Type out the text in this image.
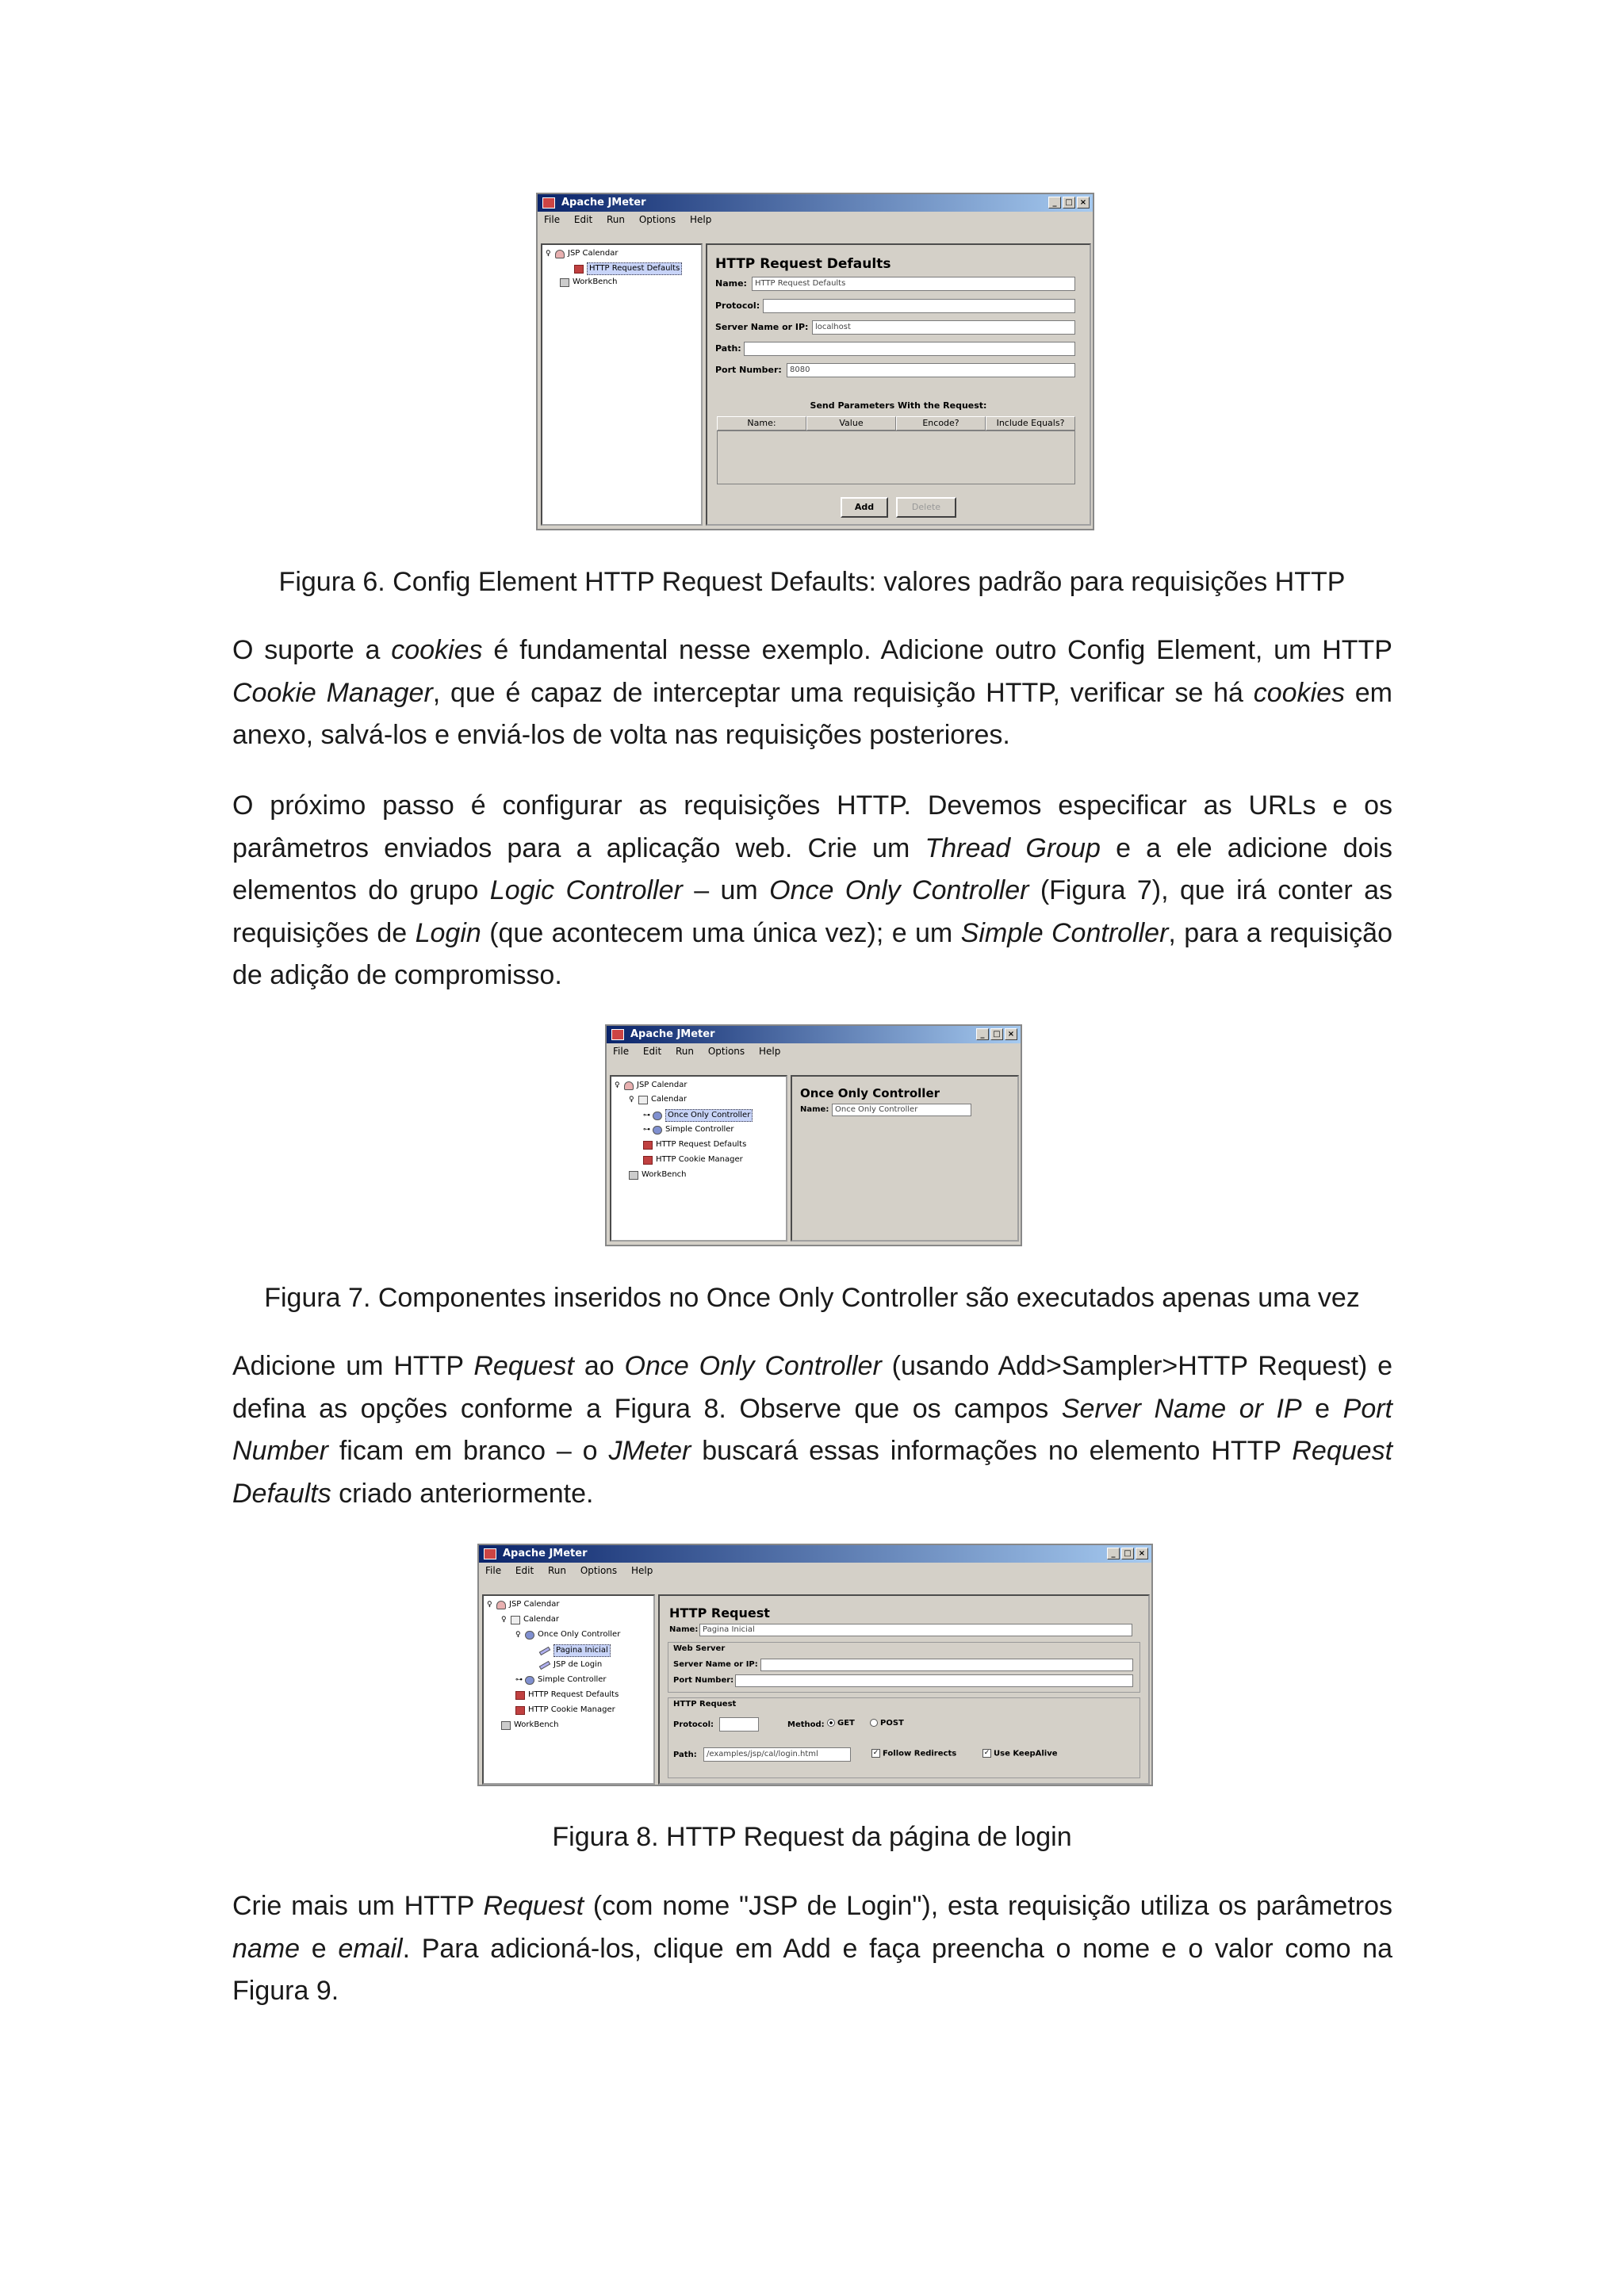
Apache JMeter	_	□ ×
File Edit Run Options Help
♀	JSP Calendar
HTTP Request Defaults
WorkBench
HTTP Request Defaults
Name:	HTTP Request Defaults
Protocol:
Server Name or IP: localhost
Path:
Port Number:	8080
Send Parameters With the Request:
Name:	Value	Encode?	Include Equals?
Add	Delete

Figura 6. Config Element HTTP Request Defaults: valores padrão para requisições HTTP

O suporte a cookies é fundamental nesse exemplo. Adicione outro Config Element, um HTTP Cookie Manager, que é capaz de interceptar uma requisição HTTP, verificar se há cookies em anexo, salvá-los e enviá-los de volta nas requisições posteriores.

O próximo passo é configurar as requisições HTTP. Devemos especificar as URLs e os parâmetros enviados para a aplicação web. Crie um Thread Group e a ele adicione dois elementos do grupo Logic Controller – um Once Only Controller (Figura 7), que irá conter as requisições de Login (que acontecem uma única vez); e um Simple Controller, para a requisição de adição de compromisso.

Apache JMeter	_	□ ×
File Edit Run Options Help
♀	JSP Calendar
♀	Calendar
⊶	Once Only Controller
⊶ Simple Controller
HTTP Request Defaults
HTTP Cookie Manager
WorkBench
Once Only Controller
Name: Once Only Controller

Figura 7. Componentes inseridos no Once Only Controller são executados apenas uma vez

Adicione um HTTP Request ao Once Only Controller (usando Add>Sampler>HTTP Request) e defina as opções conforme a Figura 8. Observe que os campos Server Name or IP e Port Number ficam em branco – o JMeter buscará essas informações no elemento HTTP Request Defaults criado anteriormente.

Apache JMeter	_	□ ×
File Edit Run Options Help
♀	JSP Calendar
♀	Calendar
♀	Once Only Controller
Pagina Inicial
JSP de Login
⊶ Simple Controller
HTTP Request Defaults
HTTP Cookie Manager
WorkBench
HTTP Request
Name: Pagina Inicial
Web Server
Server Name or IP:
Port Number:
HTTP Request
Protocol:	Method:	GET	POST
Path:	/examples/jsp/cal/login.html	✓ Follow Redirects	✓ Use KeepAlive

Figura 8. HTTP Request da página de login

Crie mais um HTTP Request (com nome "JSP de Login"), esta requisição utiliza os parâmetros name e email. Para adicioná-los, clique em Add e faça preencha o nome e o valor como na Figura 9.
